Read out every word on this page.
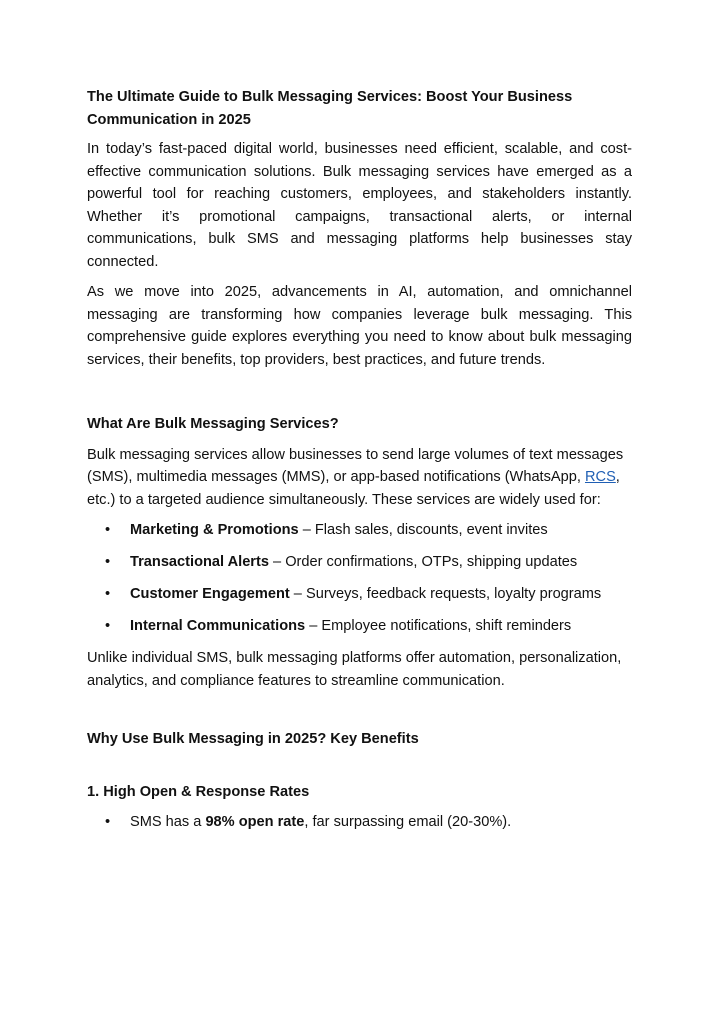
The Ultimate Guide to Bulk Messaging Services: Boost Your Business Communication in 2025

In today’s fast-paced digital world, businesses need efficient, scalable, and cost-effective communication solutions. Bulk messaging services have emerged as a powerful tool for reaching customers, employees, and stakeholders instantly. Whether it’s promotional campaigns, transactional alerts, or internal communications, bulk SMS and messaging platforms help businesses stay connected.

As we move into 2025, advancements in AI, automation, and omnichannel messaging are transforming how companies leverage bulk messaging. This comprehensive guide explores everything you need to know about bulk messaging services, their benefits, top providers, best practices, and future trends.

What Are Bulk Messaging Services?

Bulk messaging services allow businesses to send large volumes of text messages (SMS), multimedia messages (MMS), or app-based notifications (WhatsApp, RCS, etc.) to a targeted audience simultaneously. These services are widely used for:

• Marketing & Promotions – Flash sales, discounts, event invites
• Transactional Alerts – Order confirmations, OTPs, shipping updates
• Customer Engagement – Surveys, feedback requests, loyalty programs
• Internal Communications – Employee notifications, shift reminders

Unlike individual SMS, bulk messaging platforms offer automation, personalization, analytics, and compliance features to streamline communication.

Why Use Bulk Messaging in 2025? Key Benefits
1. High Open & Response Rates
• SMS has a 98% open rate, far surpassing email (20-30%).
